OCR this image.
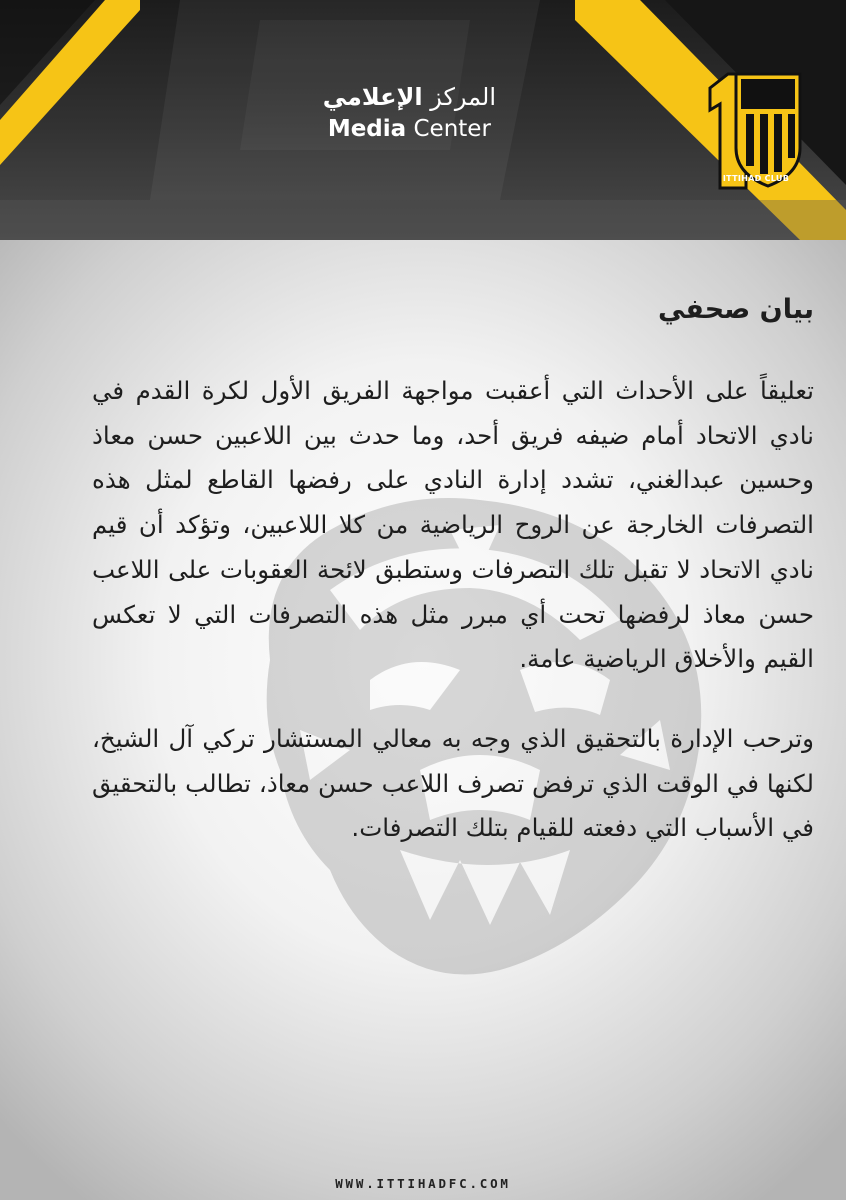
المركز الإعلامي
Media Center
ITTIHAD CLUB
بيان صحفي

تعليقاً على الأحداث التي أعقبت مواجهة الفريق الأول لكرة القدم في نادي الاتحاد أمام ضيفه فريق أحد، وما حدث بين اللاعبين حسن معاذ وحسين عبدالغني، تشدد إدارة النادي على رفضها القاطع لمثل هذه التصرفات الخارجة عن الروح الرياضية من كلا اللاعبين، وتؤكد أن قيم نادي الاتحاد لا تقبل تلك التصرفات وستطبق لائحة العقوبات على اللاعب حسن معاذ لرفضها تحت أي مبرر مثل هذه التصرفات التي لا تعكس القيم والأخلاق الرياضية عامة.

وترحب الإدارة بالتحقيق الذي وجه به معالي المستشار تركي آل الشيخ، لكنها في الوقت الذي ترفض تصرف اللاعب حسن معاذ، تطالب بالتحقيق في الأسباب التي دفعته للقيام بتلك التصرفات.

WWW.ITTIHADFC.COM
